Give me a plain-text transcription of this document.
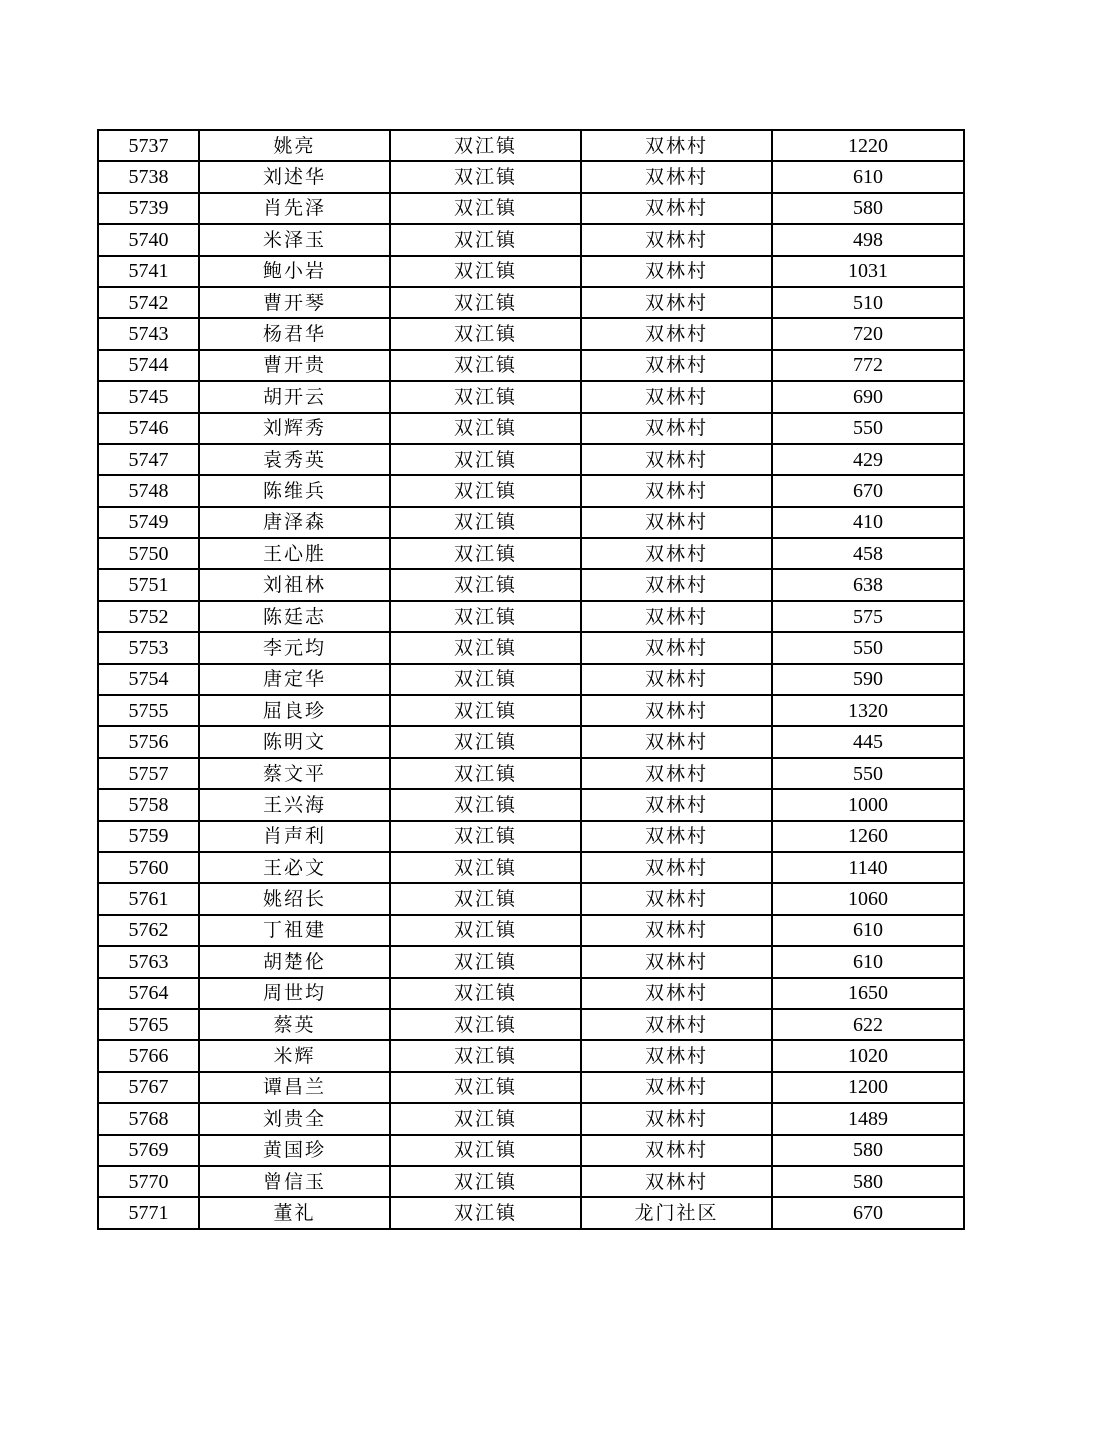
5737	姚亮	双江镇	双林村	1220
5738	刘述华	双江镇	双林村	610
5739	肖先泽	双江镇	双林村	580
5740	米泽玉	双江镇	双林村	498
5741	鲍小岩	双江镇	双林村	1031
5742	曹开琴	双江镇	双林村	510
5743	杨君华	双江镇	双林村	720
5744	曹开贵	双江镇	双林村	772
5745	胡开云	双江镇	双林村	690
5746	刘辉秀	双江镇	双林村	550
5747	袁秀英	双江镇	双林村	429
5748	陈维兵	双江镇	双林村	670
5749	唐泽森	双江镇	双林村	410
5750	王心胜	双江镇	双林村	458
5751	刘祖林	双江镇	双林村	638
5752	陈廷志	双江镇	双林村	575
5753	李元均	双江镇	双林村	550
5754	唐定华	双江镇	双林村	590
5755	屈良珍	双江镇	双林村	1320
5756	陈明文	双江镇	双林村	445
5757	蔡文平	双江镇	双林村	550
5758	王兴海	双江镇	双林村	1000
5759	肖声利	双江镇	双林村	1260
5760	王必文	双江镇	双林村	1140
5761	姚绍长	双江镇	双林村	1060
5762	丁祖建	双江镇	双林村	610
5763	胡楚伦	双江镇	双林村	610
5764	周世均	双江镇	双林村	1650
5765	蔡英	双江镇	双林村	622
5766	米辉	双江镇	双林村	1020
5767	谭昌兰	双江镇	双林村	1200
5768	刘贵全	双江镇	双林村	1489
5769	黄国珍	双江镇	双林村	580
5770	曾信玉	双江镇	双林村	580
5771	董礼	双江镇	龙门社区	670
